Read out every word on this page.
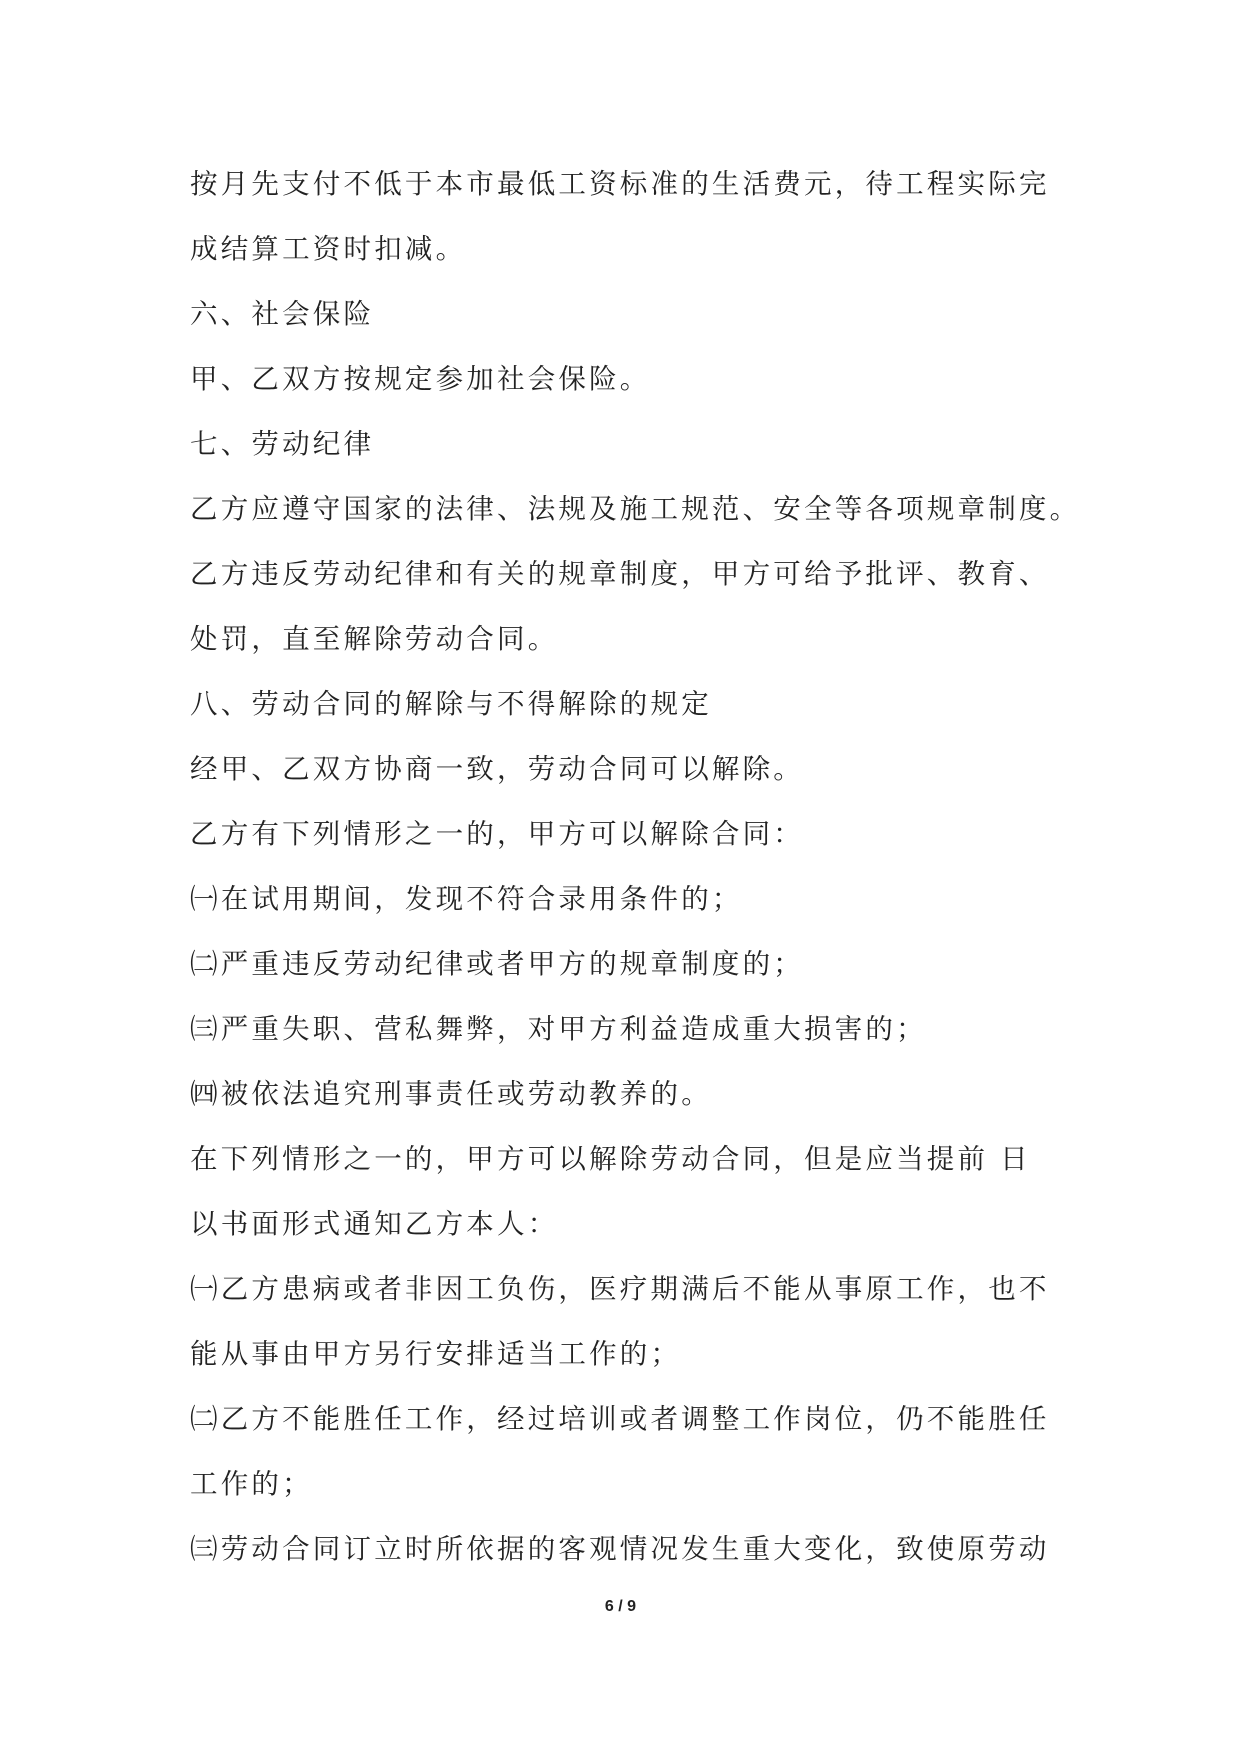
按月先支付不低于本市最低工资标准的生活费元，待工程实际完
成结算工资时扣减。
六、社会保险
甲、乙双方按规定参加社会保险。
七、劳动纪律
乙方应遵守国家的法律、法规及施工规范、安全等各项规章制度。
乙方违反劳动纪律和有关的规章制度，甲方可给予批评、教育、
处罚，直至解除劳动合同。
八、劳动合同的解除与不得解除的规定
经甲、乙双方协商一致，劳动合同可以解除。
乙方有下列情形之一的，甲方可以解除合同：
㈠在试用期间，发现不符合录用条件的；
㈡严重违反劳动纪律或者甲方的规章制度的；
㈢严重失职、营私舞弊，对甲方利益造成重大损害的；
㈣被依法追究刑事责任或劳动教养的。
在下列情形之一的，甲方可以解除劳动合同，但是应当提前 日
以书面形式通知乙方本人：
㈠乙方患病或者非因工负伤，医疗期满后不能从事原工作，也不
能从事由甲方另行安排适当工作的；
㈡乙方不能胜任工作，经过培训或者调整工作岗位，仍不能胜任
工作的；
㈢劳动合同订立时所依据的客观情况发生重大变化，致使原劳动
6 / 9
